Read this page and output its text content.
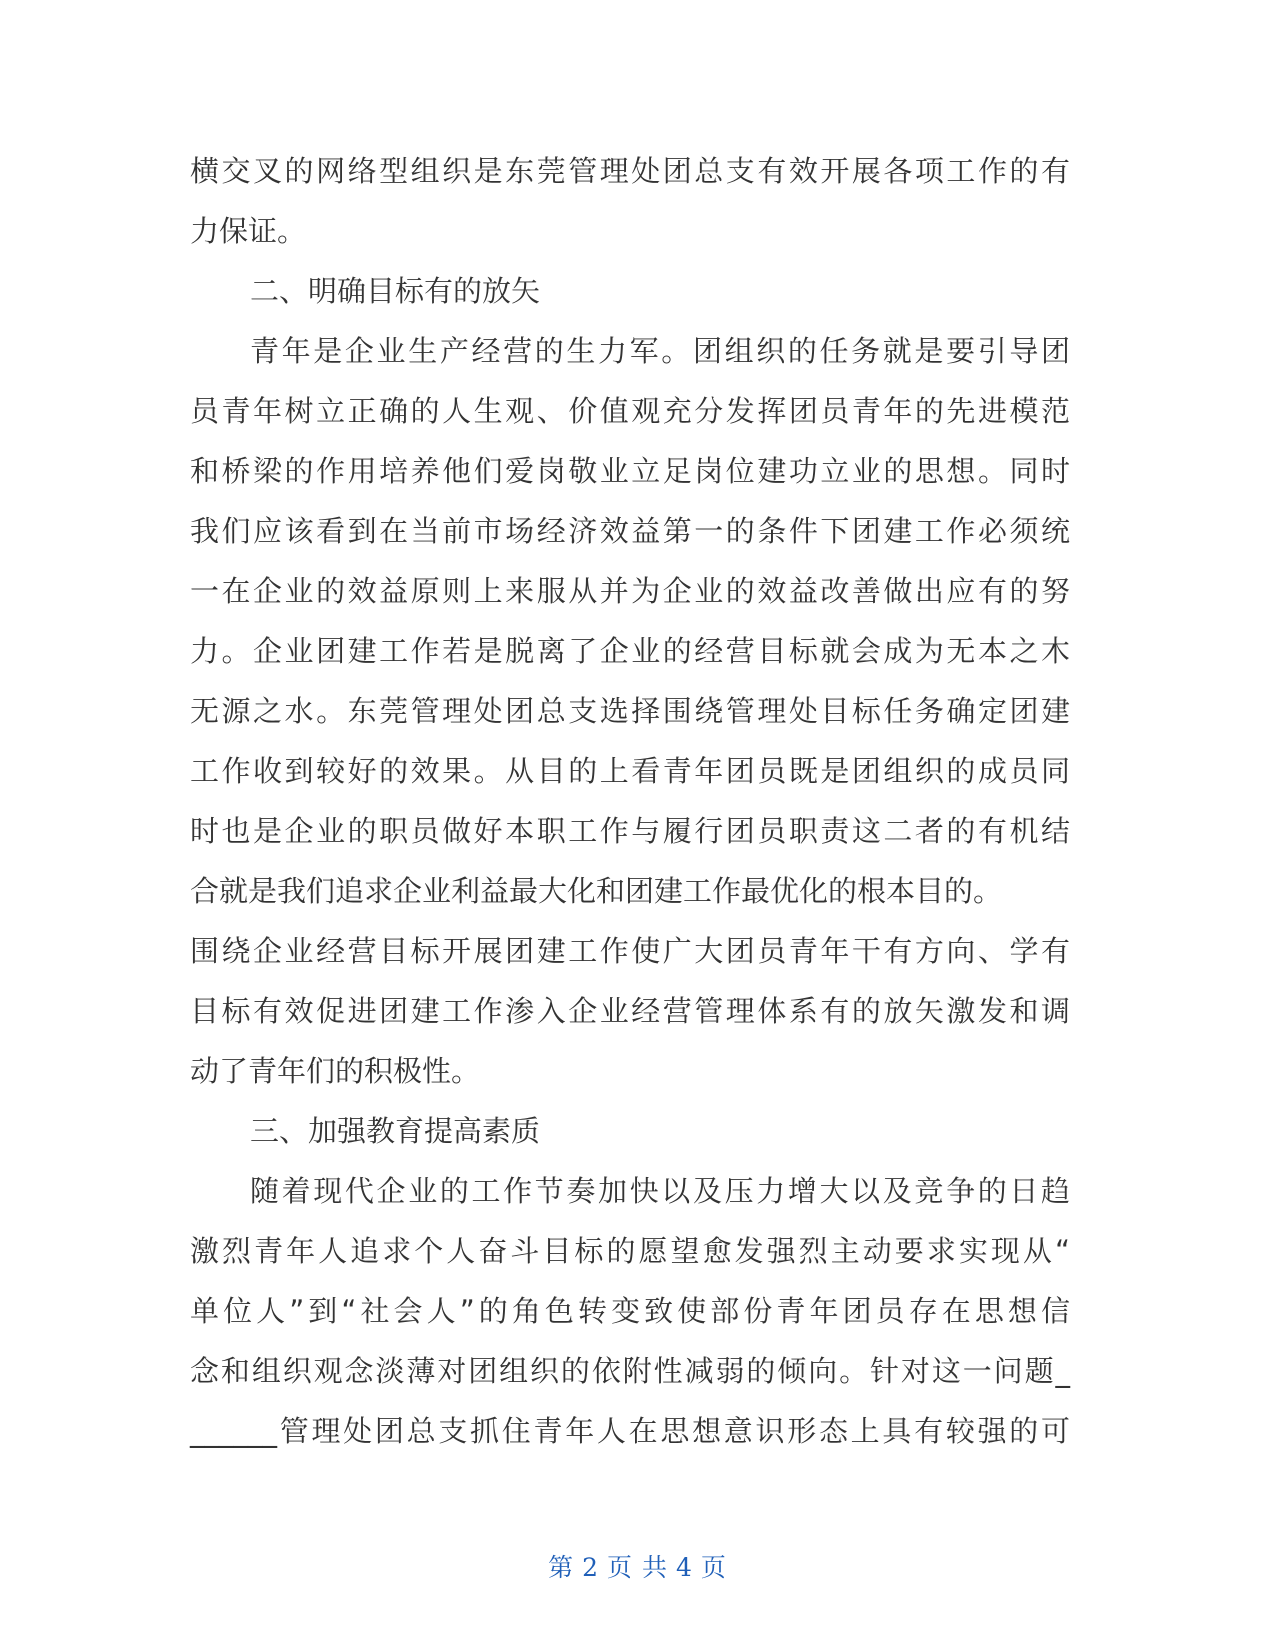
横交叉的网络型组织是东莞管理处团总支有效开展各项工作的有
力保证。
二、明确目标有的放矢
青年是企业生产经营的生力军。团组织的任务就是要引导团
员青年树立正确的人生观、价值观充分发挥团员青年的先进模范
和桥梁的作用培养他们爱岗敬业立足岗位建功立业的思想。同时
我们应该看到在当前市场经济效益第一的条件下团建工作必须统
一在企业的效益原则上来服从并为企业的效益改善做出应有的努
力。企业团建工作若是脱离了企业的经营目标就会成为无本之木
无源之水。东莞管理处团总支选择围绕管理处目标任务确定团建
工作收到较好的效果。从目的上看青年团员既是团组织的成员同
时也是企业的职员做好本职工作与履行团员职责这二者的有机结
合就是我们追求企业利益最大化和团建工作最优化的根本目的。
围绕企业经营目标开展团建工作使广大团员青年干有方向、学有
目标有效促进团建工作渗入企业经营管理体系有的放矢激发和调
动了青年们的积极性。
三、加强教育提高素质
随着现代企业的工作节奏加快以及压力增大以及竞争的日趋
激烈青年人追求个人奋斗目标的愿望愈发强烈主动要求实现从“
单位人”到“社会人”的角色转变致使部份青年团员存在思想信
念和组织观念淡薄对团组织的依附性减弱的倾向。针对这一问题_
______管理处团总支抓住青年人在思想意识形态上具有较强的可
第 2 页 共 4 页
